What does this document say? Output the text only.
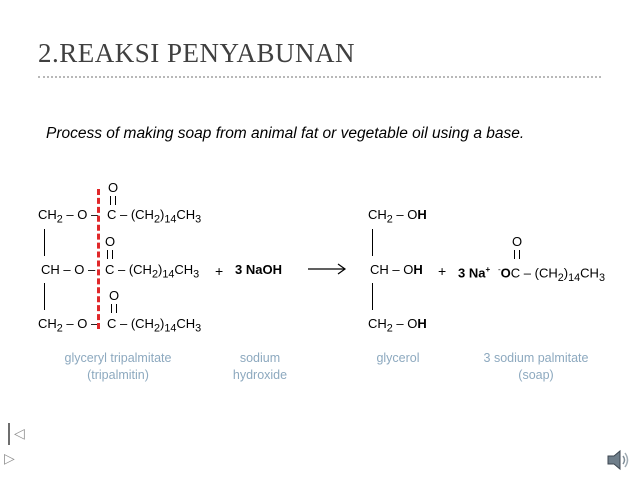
2.REAKSI PENYABUNAN
Process of making soap from animal fat or vegetable oil using a base.
O
$CH_2$ – O – C – $(CH_2)_{14}CH_3$
O
CH – O – C – $(CH_2)_{14}CH_3$
O
$CH_2$ – O – C – $(CH_2)_{14}CH_3$
+ 3 NaOH
$CH_2$ – OH
CH – OH
$CH_2$ – OH
+
O
3 Na+ $^-OC - (CH_2)_{14}CH_3$
glyceryl tripalmitate
(tripalmitin)
sodium
hydroxide
glycerol	3 sodium palmitate
(soap)
◁
▷
